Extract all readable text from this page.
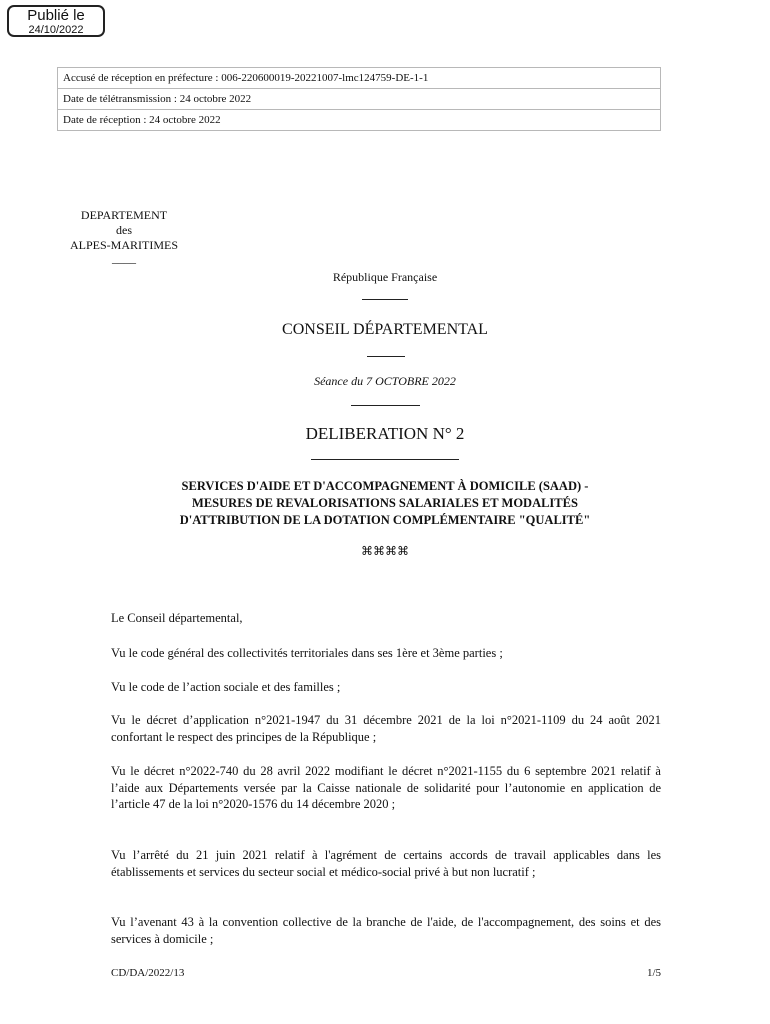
Publié le
24/10/2022
Accusé de réception en préfecture : 006-220600019-20221007-lmc124759-DE-1-1
Date de télétransmission : 24 octobre 2022
Date de réception : 24 octobre 2022
DEPARTEMENT
des
ALPES-MARITIMES
____
République Française
CONSEIL DÉPARTEMENTAL
Séance du 7 OCTOBRE 2022
DELIBERATION N° 2
SERVICES D'AIDE ET D'ACCOMPAGNEMENT À DOMICILE (SAAD) -
MESURES DE REVALORISATIONS SALARIALES ET MODALITÉS
D'ATTRIBUTION DE LA DOTATION COMPLÉMENTAIRE "QUALITÉ"
⌘⌘⌘⌘
Le Conseil départemental,
Vu le code général des collectivités territoriales dans ses 1ère et 3ème parties ;
Vu le code de l’action sociale et des familles ;
Vu le décret d’application n°2021-1947 du 31 décembre 2021 de la loi n°2021-1109 du 24 août 2021 confortant le respect des principes de la République ;
Vu le décret n°2022-740 du 28 avril 2022 modifiant le décret n°2021-1155 du 6 septembre 2021 relatif à l’aide aux Départements versée par la Caisse nationale de solidarité pour l’autonomie en application de l’article 47 de la loi n°2020-1576 du 14 décembre 2020 ;
Vu l’arrêté du 21 juin 2021 relatif à l'agrément de certains accords de travail applicables dans les établissements et services du secteur social et médico-social privé à but non lucratif ;
Vu l’avenant 43 à la convention collective de la branche de l'aide, de l'accompagnement, des soins et des services à domicile ;
CD/DA/2022/13	1/5
